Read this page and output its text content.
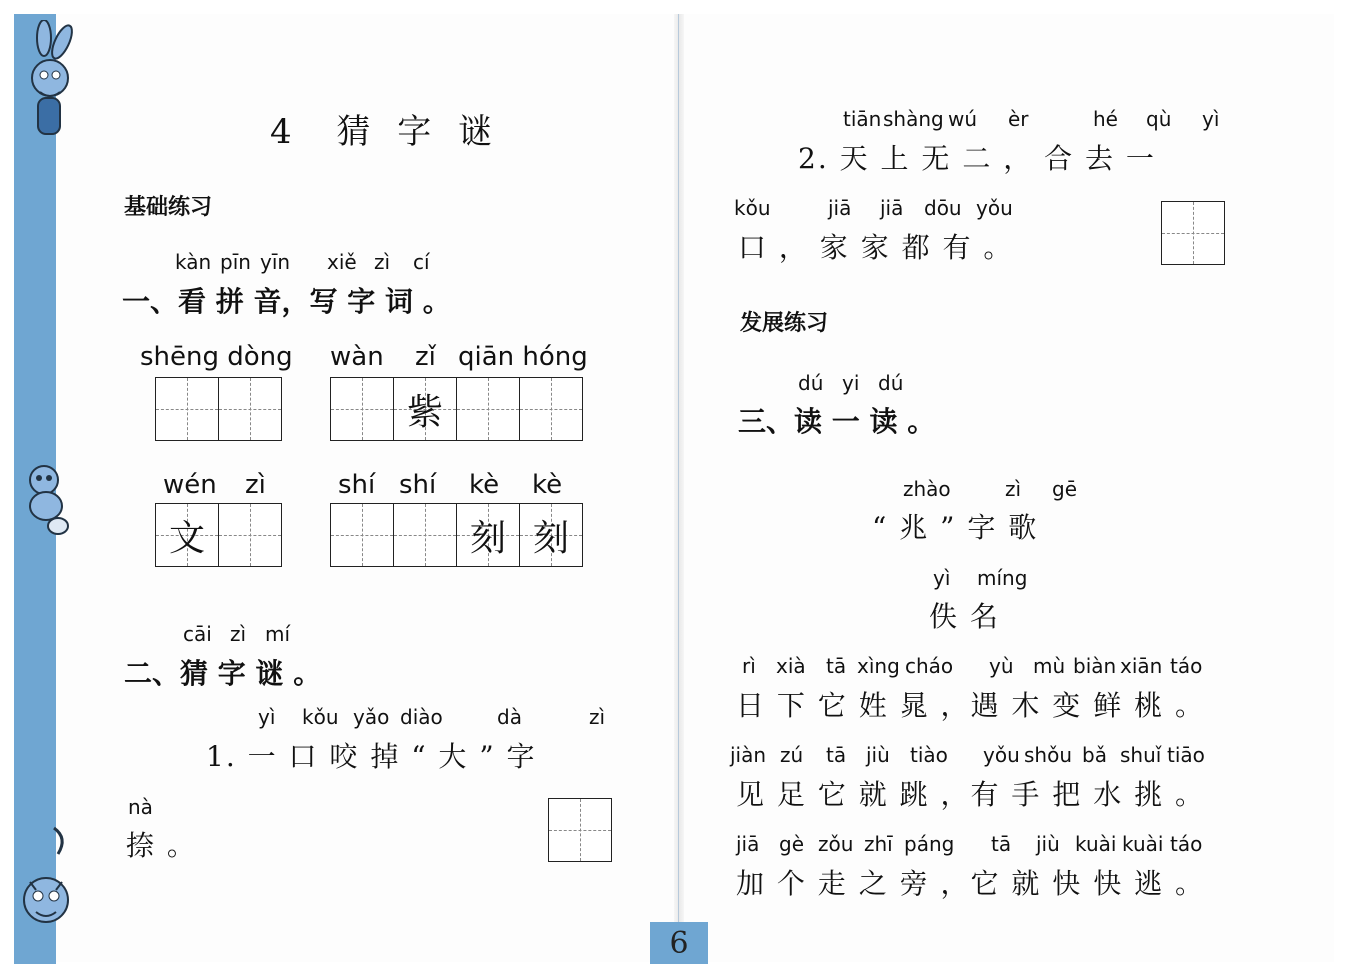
4 猜 字 谜
基础练习
kàn pīn yīn xiě zì cí
一、看 拼 音，写 字 词 。
shēng dòng wàn zǐ qiān hóng
紫
wén zì
文
shí shí kè kè
刻 刻
cāi zì mí
二、猜 字 谜 。
yì kǒu yǎo diào	dà	zì
1. 一 口 咬 掉 “ 大 ” 字
nà
捺 。
tiān shàng wú èr	hé qù yì
2. 天 上 无 二 ， 合 去 一
kǒu	jiā jiā dōu yǒu
口 ， 家 家 都 有 。
发展练习
dú yi dú
三、读 一 读 。
zhào	zì gē
“ 兆 ” 字 歌
yì míng
佚 名
rì xià tā xìng cháo yù mù biàn xiān táo
日 下 它 姓 晁 ，遇 木 变 鲜 桃 。
jiàn zú tā jiù tiào yǒu shǒu bǎ shuǐ tiāo
见 足 它 就 跳 ，有 手 把 水 挑 。
jiā gè zǒu zhī páng tā jiù kuài kuài táo
加 个 走 之 旁 ，它 就 快 快 逃 。
6
